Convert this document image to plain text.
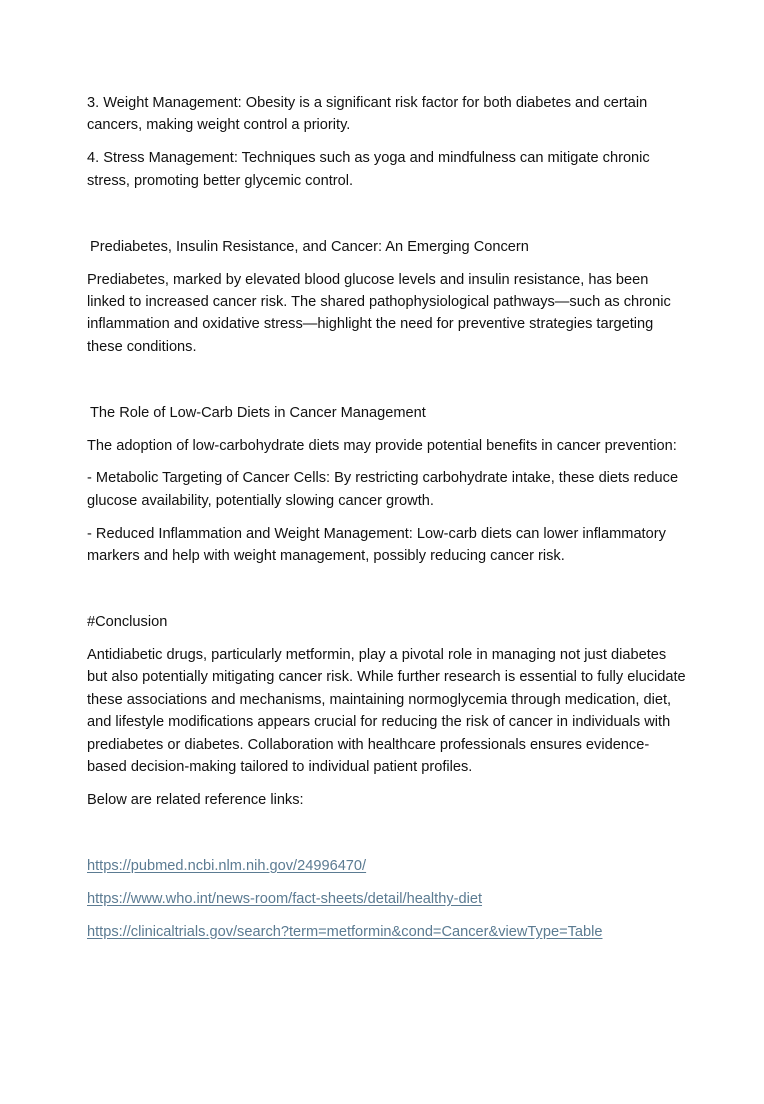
3. Weight Management: Obesity is a significant risk factor for both diabetes and certain cancers, making weight control a priority.

4. Stress Management: Techniques such as yoga and mindfulness can mitigate chronic stress, promoting better glycemic control.

Prediabetes, Insulin Resistance, and Cancer: An Emerging Concern

Prediabetes, marked by elevated blood glucose levels and insulin resistance, has been linked to increased cancer risk. The shared pathophysiological pathways—such as chronic inflammation and oxidative stress—highlight the need for preventive strategies targeting these conditions.

The Role of Low-Carb Diets in Cancer Management

The adoption of low-carbohydrate diets may provide potential benefits in cancer prevention:

- Metabolic Targeting of Cancer Cells: By restricting carbohydrate intake, these diets reduce glucose availability, potentially slowing cancer growth.

- Reduced Inflammation and Weight Management: Low-carb diets can lower inflammatory markers and help with weight management, possibly reducing cancer risk.

#Conclusion

Antidiabetic drugs, particularly metformin, play a pivotal role in managing not just diabetes but also potentially mitigating cancer risk. While further research is essential to fully elucidate these associations and mechanisms, maintaining normoglycemia through medication, diet, and lifestyle modifications appears crucial for reducing the risk of cancer in individuals with prediabetes or diabetes. Collaboration with healthcare professionals ensures evidence-based decision-making tailored to individual patient profiles.

Below are related reference links:

https://pubmed.ncbi.nlm.nih.gov/24996470/
https://www.who.int/news-room/fact-sheets/detail/healthy-diet
https://clinicaltrials.gov/search?term=metformin&cond=Cancer&viewType=Table
